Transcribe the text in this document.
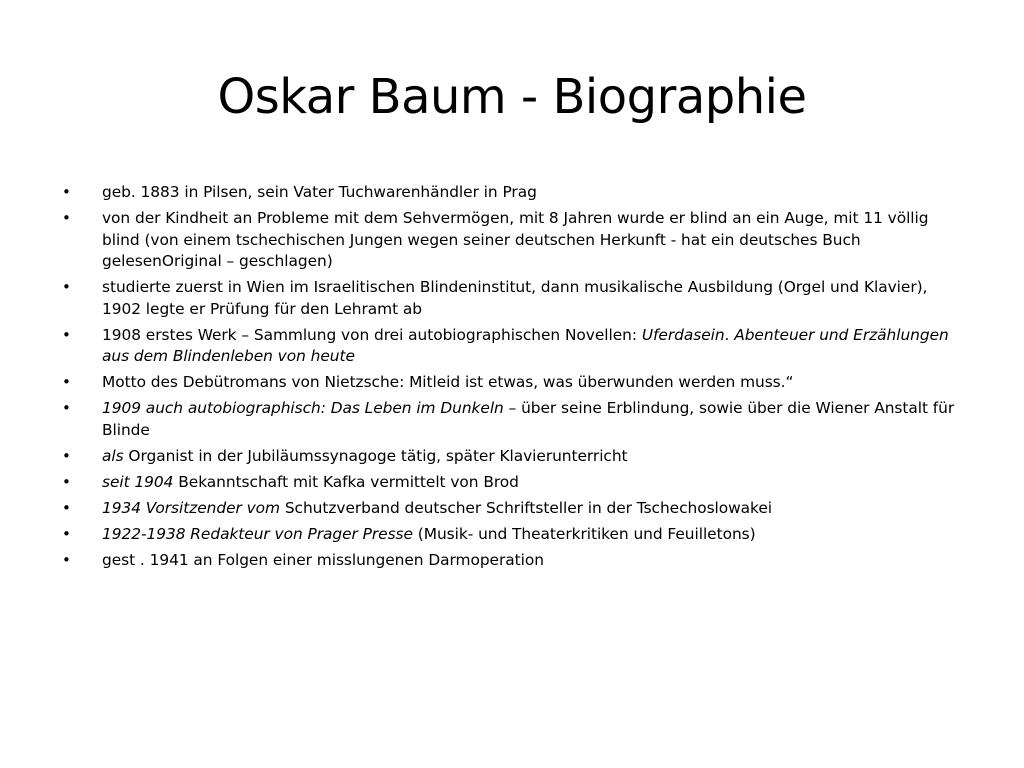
Oskar Baum - Biographie
• geb. 1883 in Pilsen, sein Vater Tuchwarenhändler in Prag
• von der Kindheit an Probleme mit dem Sehvermögen, mit 8 Jahren wurde er blind an ein Auge, mit 11 völlig blind (von einem tschechischen Jungen wegen seiner deutschen Herkunft - hat ein deutsches Buch gelesenOriginal – geschlagen)
• studierte zuerst in Wien im Israelitischen Blindeninstitut, dann musikalische Ausbildung (Orgel und Klavier), 1902 legte er Prüfung für den Lehramt ab
• 1908 erstes Werk – Sammlung von drei autobiographischen Novellen: Uferdasein. Abenteuer und Erzählungen aus dem Blindenleben von heute
• Motto des Debütromans von Nietzsche: Mitleid ist etwas, was überwunden werden muss.“
• 1909 auch autobiographisch: Das Leben im Dunkeln – über seine Erblindung, sowie über die Wiener Anstalt für Blinde
• als Organist in der Jubiläumssynagoge tätig, später Klavierunterricht
• seit 1904 Bekanntschaft mit Kafka vermittelt von Brod
• 1934 Vorsitzender vom Schutzverband deutscher Schriftsteller in der Tschechoslowakei
• 1922-1938 Redakteur von Prager Presse (Musik- und Theaterkritiken und Feuilletons)
• gest . 1941 an Folgen einer misslungenen Darmoperation
